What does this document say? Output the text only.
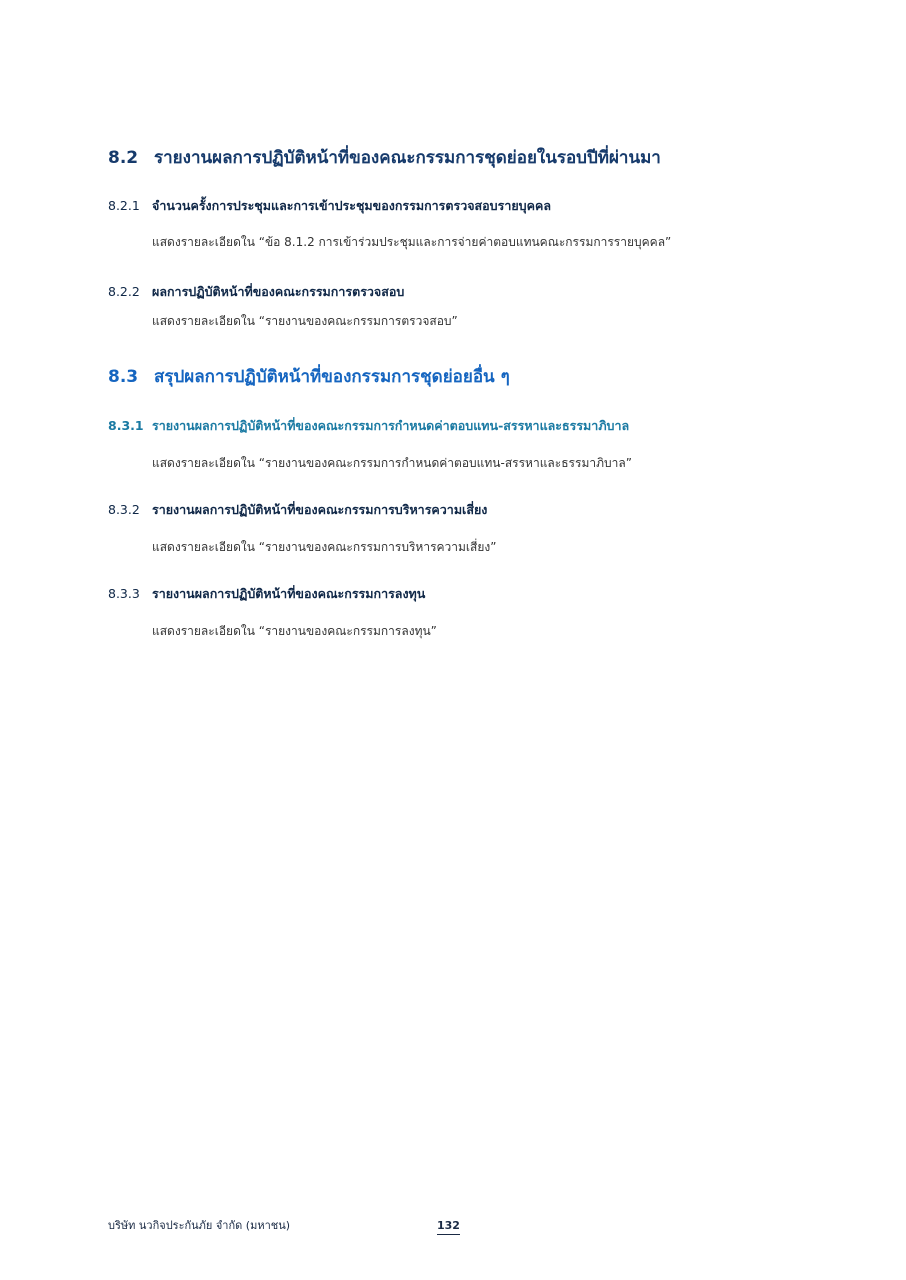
8.2 รายงานผลการปฏิบัติหน้าที่ของคณะกรรมการชุดย่อยในรอบปีที่ผ่านมา
8.2.1 จำนวนครั้งการประชุมและการเข้าประชุมของกรรมการตรวจสอบรายบุคคล
แสดงรายละเอียดใน “ข้อ 8.1.2 การเข้าร่วมประชุมและการจ่ายค่าตอบแทนคณะกรรมการรายบุคคล”
8.2.2 ผลการปฏิบัติหน้าที่ของคณะกรรมการตรวจสอบ
แสดงรายละเอียดใน “รายงานของคณะกรรมการตรวจสอบ”
8.3 สรุปผลการปฏิบัติหน้าที่ของกรรมการชุดย่อยอื่น ๆ
8.3.1 รายงานผลการปฏิบัติหน้าที่ของคณะกรรมการกำหนดค่าตอบแทน-สรรหาและธรรมาภิบาล
แสดงรายละเอียดใน “รายงานของคณะกรรมการกำหนดค่าตอบแทน-สรรหาและธรรมาภิบาล”
8.3.2 รายงานผลการปฏิบัติหน้าที่ของคณะกรรมการบริหารความเสี่ยง
แสดงรายละเอียดใน “รายงานของคณะกรรมการบริหารความเสี่ยง”
8.3.3 รายงานผลการปฏิบัติหน้าที่ของคณะกรรมการลงทุน
แสดงรายละเอียดใน “รายงานของคณะกรรมการลงทุน”
บริษัท นวกิจประกันภัย จำกัด (มหาชน)	132
